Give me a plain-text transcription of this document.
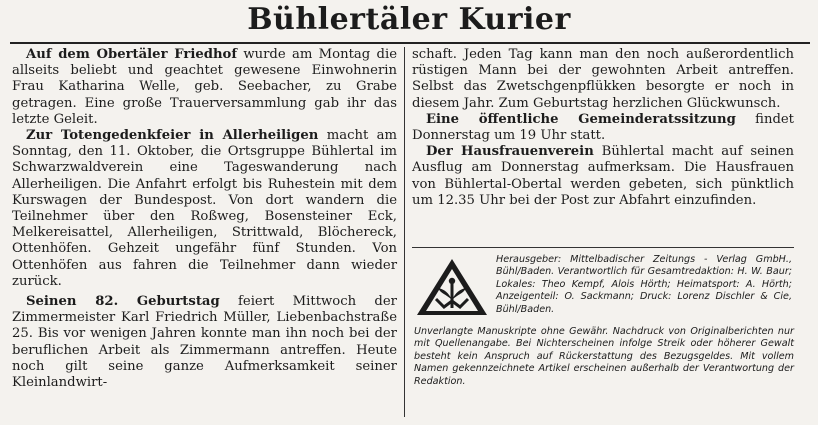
Bühlertäler Kurier

Auf dem Obertäler Friedhof wurde am Montag die allseits beliebt und geachtet gewesene Einwohnerin Frau Katharina Welle, geb. Seebacher, zu Grabe getragen. Eine große Trauerversammlung gab ihr das letzte Geleit.

Zur Totengedenkfeier in Allerheiligen macht am Sonntag, den 11. Oktober, die Ortsgruppe Bühlertal im Schwarzwaldverein eine Tageswanderung nach Allerheiligen. Die Anfahrt erfolgt bis Ruhestein mit dem Kurswagen der Bundespost. Von dort wandern die Teilnehmer über den Roßweg, Bosensteiner Eck, Melkereisattel, Allerheiligen, Strittwald, Blöchereck, Ottenhöfen. Gehzeit ungefähr fünf Stunden. Von Ottenhöfen aus fahren die Teilnehmer dann wieder zurück.

Seinen 82. Geburtstag feiert Mittwoch der Zimmermeister Karl Friedrich Müller, Liebenbachstraße 25. Bis vor wenigen Jahren konnte man ihn noch bei der beruflichen Arbeit als Zimmermann antreffen. Heute noch gilt seine ganze Aufmerksamkeit seiner Kleinlandwirt-

schaft. Jeden Tag kann man den noch außerordentlich rüstigen Mann bei der gewohnten Arbeit antreffen. Selbst das Zwetschgenpflükken besorgte er noch in diesem Jahr. Zum Geburtstag herzlichen Glückwunsch.

Eine öffentliche Gemeinderatssitzung findet Donnerstag um 19 Uhr statt.

Der Hausfrauenverein Bühlertal macht auf seinen Ausflug am Donnerstag aufmerksam. Die Hausfrauen von Bühlertal-Obertal werden gebeten, sich pünktlich um 12.35 Uhr bei der Post zur Abfahrt einzufinden.

Herausgeber: Mittelbadischer Zeitungs - Verlag GmbH., Bühl/Baden. Verantwortlich für Gesamtredaktion: H. W. Baur; Lokales: Theo Kempf, Alois Hörth; Heimatsport: A. Hörth; Anzeigenteil: O. Sackmann; Druck: Lorenz Dischler & Cie, Bühl/Baden.
Unverlangte Manuskripte ohne Gewähr. Nachdruck von Originalberichten nur mit Quellenangabe. Bei Nichterscheinen infolge Streik oder höherer Gewalt besteht kein Anspruch auf Rückerstattung des Bezugsgeldes. Mit vollem Namen gekennzeichnete Artikel erscheinen außerhalb der Verantwortung der Redaktion.
